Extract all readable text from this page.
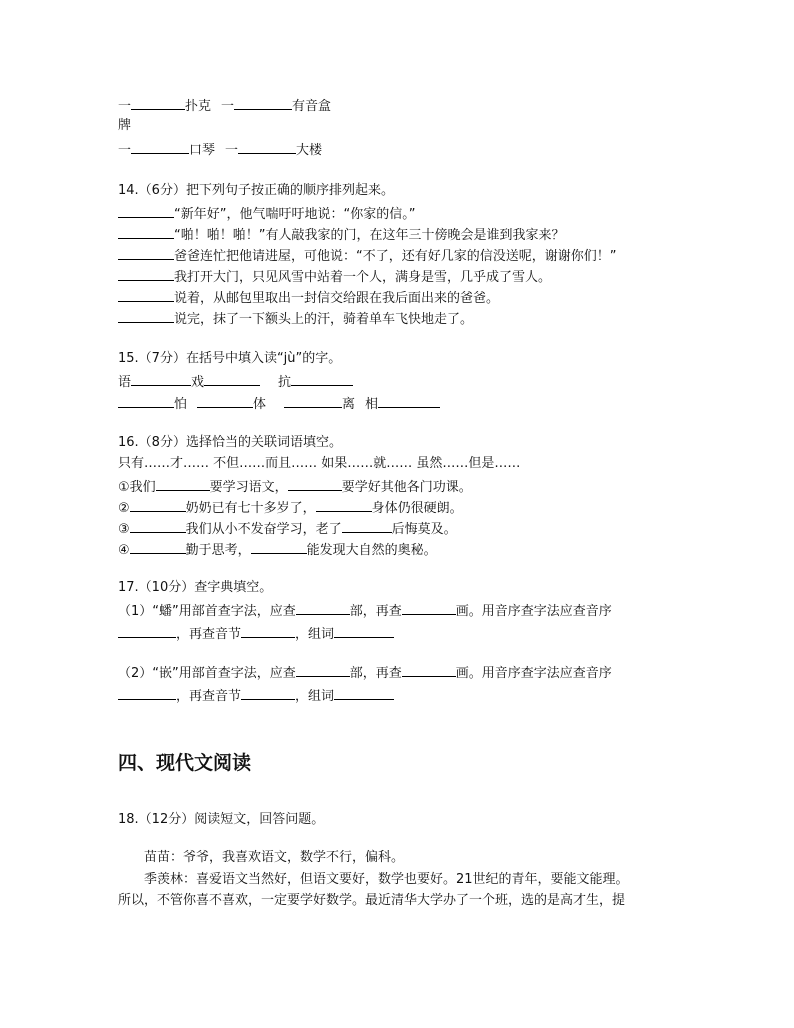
一	扑克 一	有音盒
牌
一	口琴 一	大楼
14.（6分）把下列句子按正确的顺序排列起来。
“新年好”，他气喘吁吁地说：“你家的信。”
“啪！啪！啪！”有人敲我家的门，在这年三十傍晚会是谁到我家来？
爸爸连忙把他请进屋，可他说：“不了，还有好几家的信没送呢，谢谢你们！”
我打开大门，只见风雪中站着一个人，满身是雪，几乎成了雪人。
说着，从邮包里取出一封信交给跟在我后面出来的爸爸。
说完，抹了一下额头上的汗，骑着单车飞快地走了。
15.（7分）在括号中填入读“jù”的字。
语	戏	抗
怕	体	离 相
16.（8分）选择恰当的关联词语填空。
只有……才…… 不但……而且…… 如果……就…… 虽然……但是……
①我们	要学习语文，	要学好其他各门功课。
②	奶奶已有七十多岁了，	身体仍很硬朗。
③	我们从小不发奋学习，老了	后悔莫及。
④	勤于思考，	能发现大自然的奥秘。
17.（10分）查字典填空。
（1）“蟠”用部首查字法，应查	部，再查	画。用音序查字法应查音序
，再查音节	，组词
（2）“嵌”用部首查字法，应查	部，再查	画。用音序查字法应查音序
，再查音节	，组词
四、现代文阅读
18.（12分）阅读短文，回答问题。
苗苗：爷爷，我喜欢语文，数学不行，偏科。
季羡林：喜爱语文当然好，但语文要好，数学也要好。21世纪的青年，要能文能理。
所以，不管你喜不喜欢，一定要学好数学。最近清华大学办了一个班，选的是高才生，提
